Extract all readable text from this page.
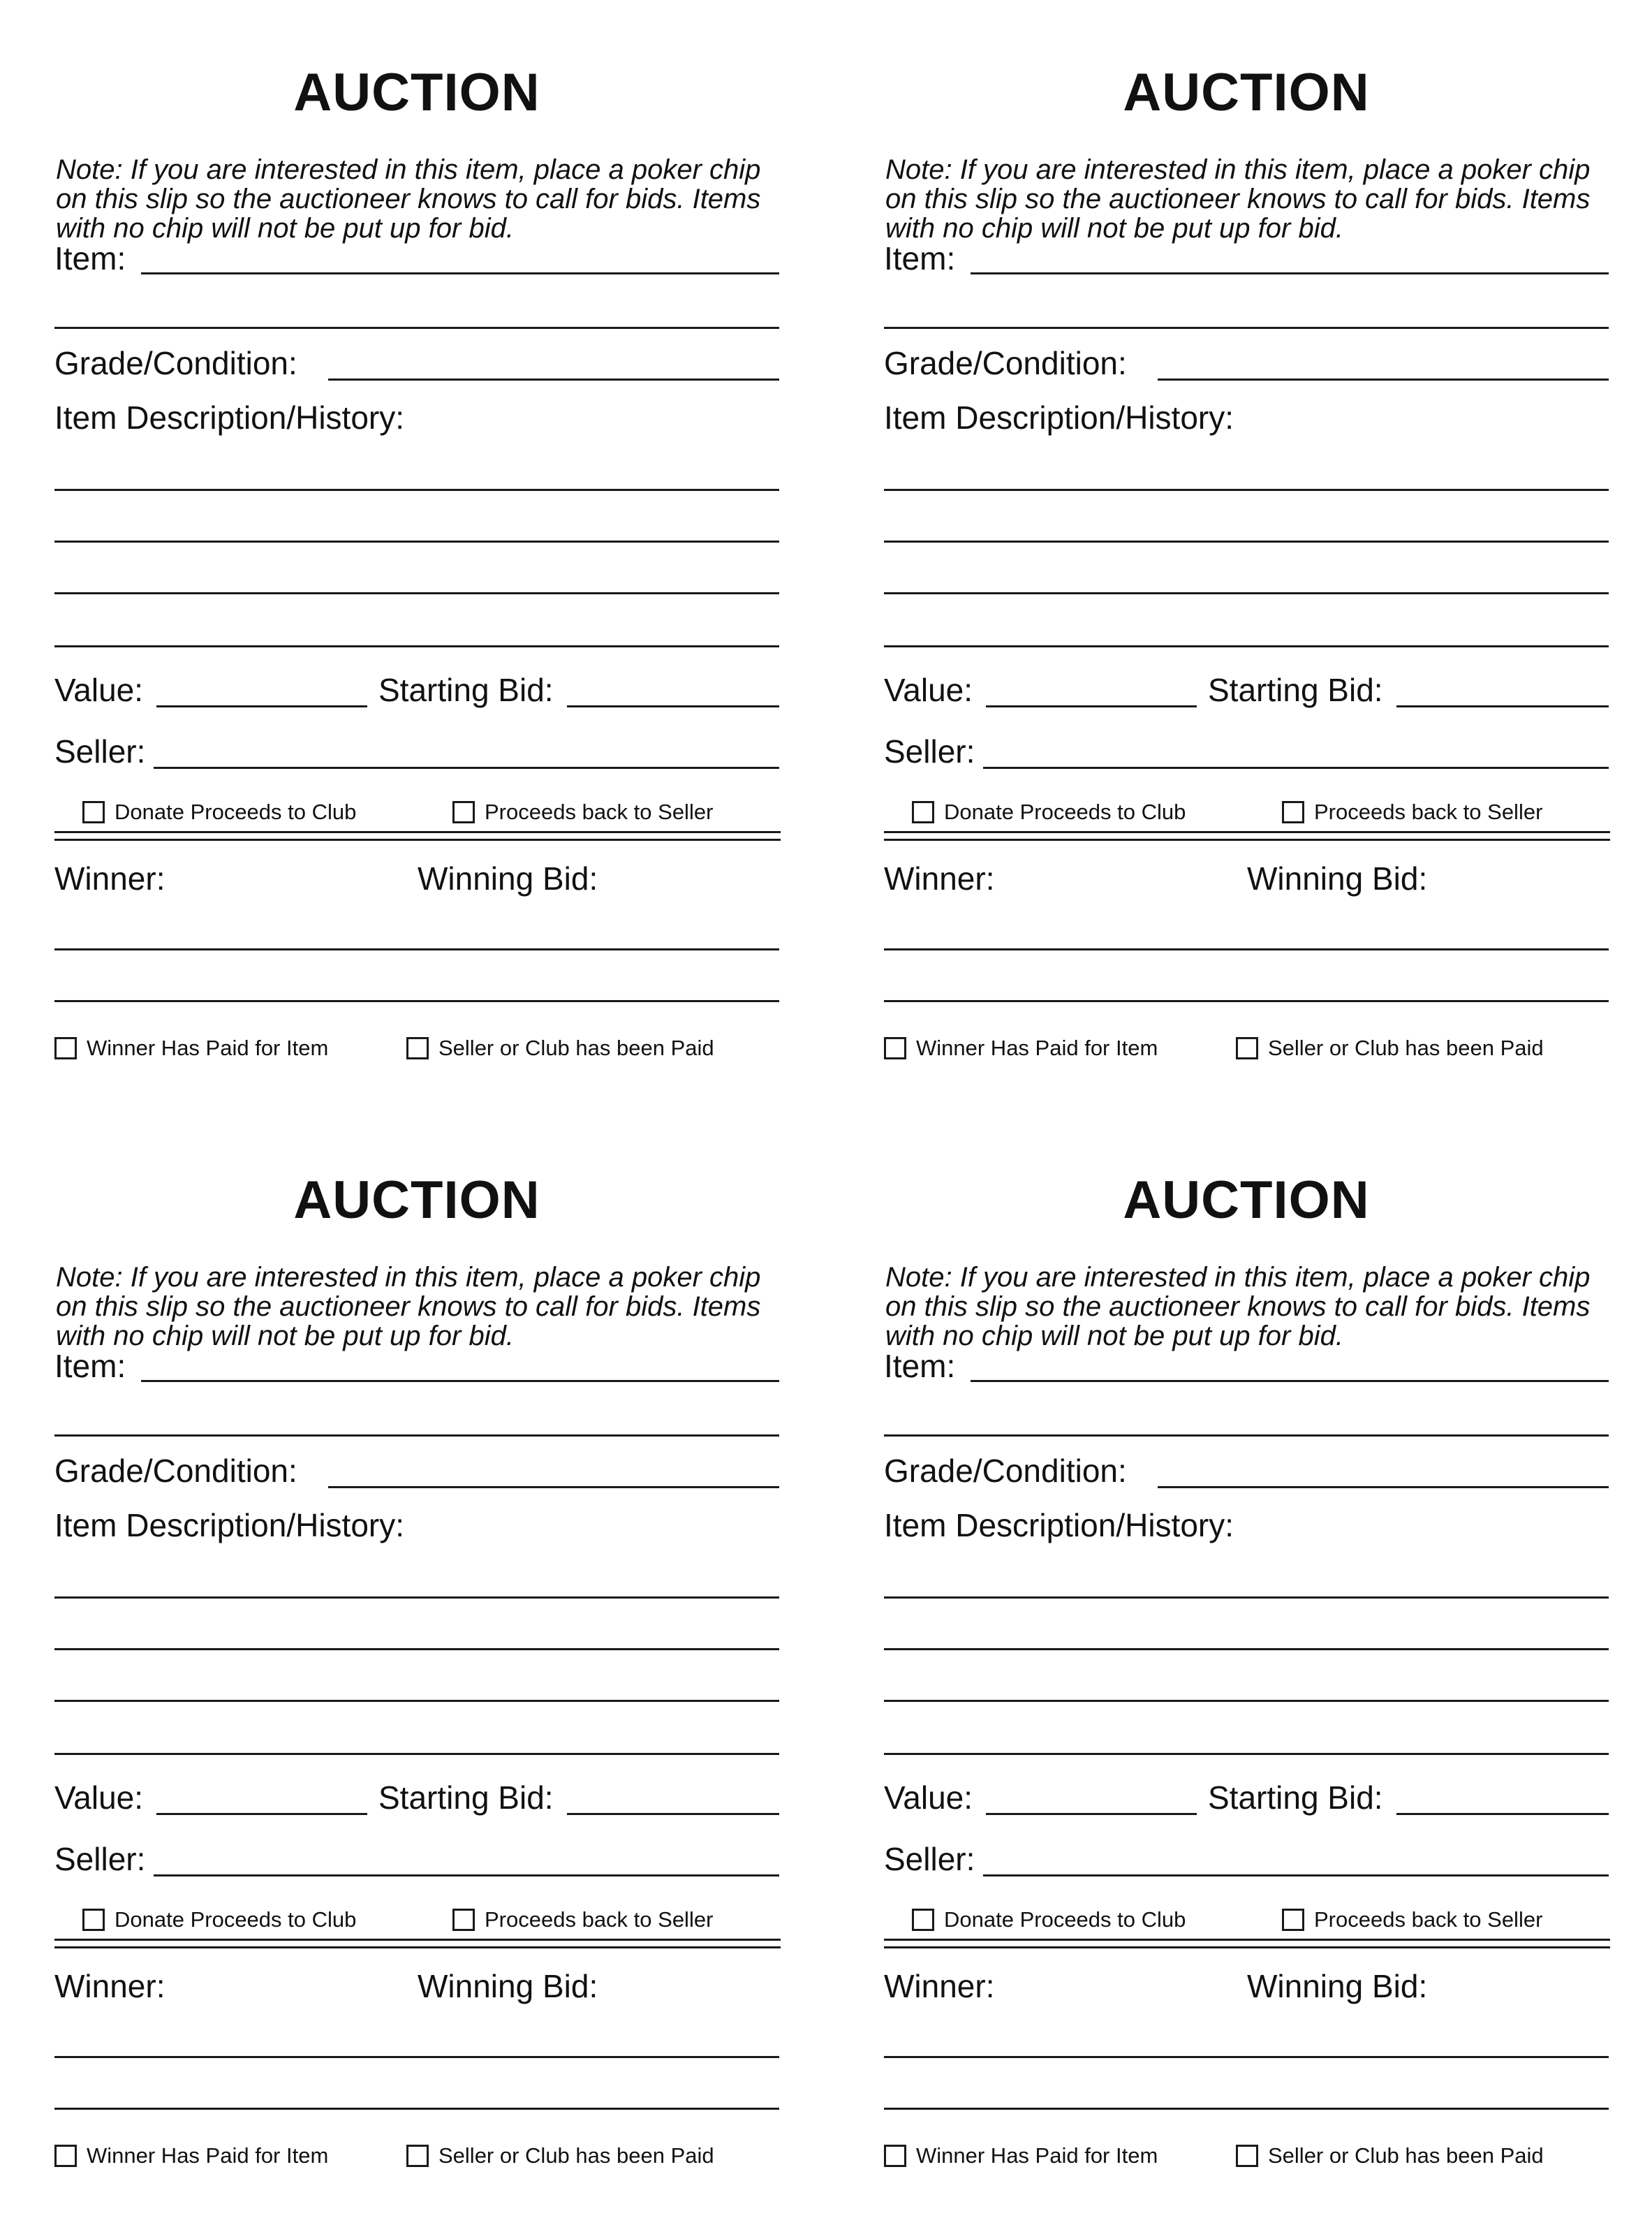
AUCTION
Note: If you are interested in this item, place a poker chip
on this slip so the auctioneer knows to call for bids. Items
with no chip will not be put up for bid.
Item:
Grade/Condition:
Item Description/History:
Value:	Starting Bid:
Seller:
Donate Proceeds to Club	Proceeds back to Seller
Winner:	Winning Bid:
Winner Has Paid for Item	Seller or Club has been Paid
AUCTION
Note: If you are interested in this item, place a poker chip
on this slip so the auctioneer knows to call for bids. Items
with no chip will not be put up for bid.
Item:
Grade/Condition:
Item Description/History:
Value:	Starting Bid:
Seller:
Donate Proceeds to Club	Proceeds back to Seller
Winner:	Winning Bid:
Winner Has Paid for Item	Seller or Club has been Paid
AUCTION
Note: If you are interested in this item, place a poker chip
on this slip so the auctioneer knows to call for bids. Items
with no chip will not be put up for bid.
Item:
Grade/Condition:
Item Description/History:
Value:	Starting Bid:
Seller:
Donate Proceeds to Club	Proceeds back to Seller
Winner:	Winning Bid:
Winner Has Paid for Item	Seller or Club has been Paid
AUCTION
Note: If you are interested in this item, place a poker chip
on this slip so the auctioneer knows to call for bids. Items
with no chip will not be put up for bid.
Item:
Grade/Condition:
Item Description/History:
Value:	Starting Bid:
Seller:
Donate Proceeds to Club	Proceeds back to Seller
Winner:	Winning Bid:
Winner Has Paid for Item	Seller or Club has been Paid
